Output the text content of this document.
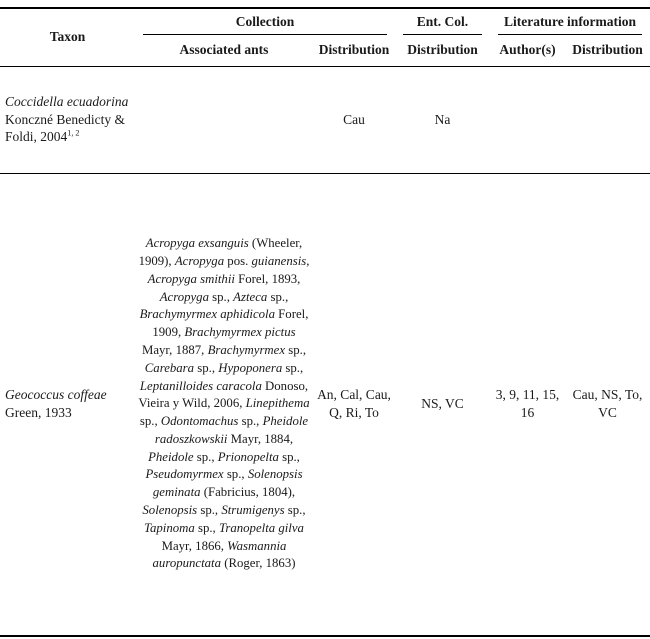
Taxon	Collection		Ent. Col.	Literature information	
	Associated ants	Distribution	Distribution	Author(s)	Distribution
Coccidella ecuadorina Konczné Benedicty & Foldi, 2004$^{1, 2}$		Cau	Na		
Geococcus coffeae Green, 1933	Acropyga exsanguis (Wheeler, 1909), Acropyga pos. guianensis, Acropyga smithii Forel, 1893, Acropyga sp., Azteca sp., Brachymyrmex aphidicola Forel, 1909, Brachymyrmex pictus Mayr, 1887, Brachymyrmex sp., Carebara sp., Hypoponera sp., Leptanilloides caracola Donoso, Vieira y Wild, 2006, Linepithema sp., Odontomachus sp., Pheidole radoszkowskii Mayr, 1884, Pheidole sp., Prionopelta sp., Pseudomyrmex sp., Solenopsis geminata (Fabricius, 1804), Solenopsis sp., Strumigenys sp., Tapinoma sp., Tranopelta gilva Mayr, 1866, Wasmannia auropunctata (Roger, 1863)	An, Cal, Cau, Q, Ri, To	NS, VC	3, 9, 11, 15, 16	Cau, NS, To, VC
